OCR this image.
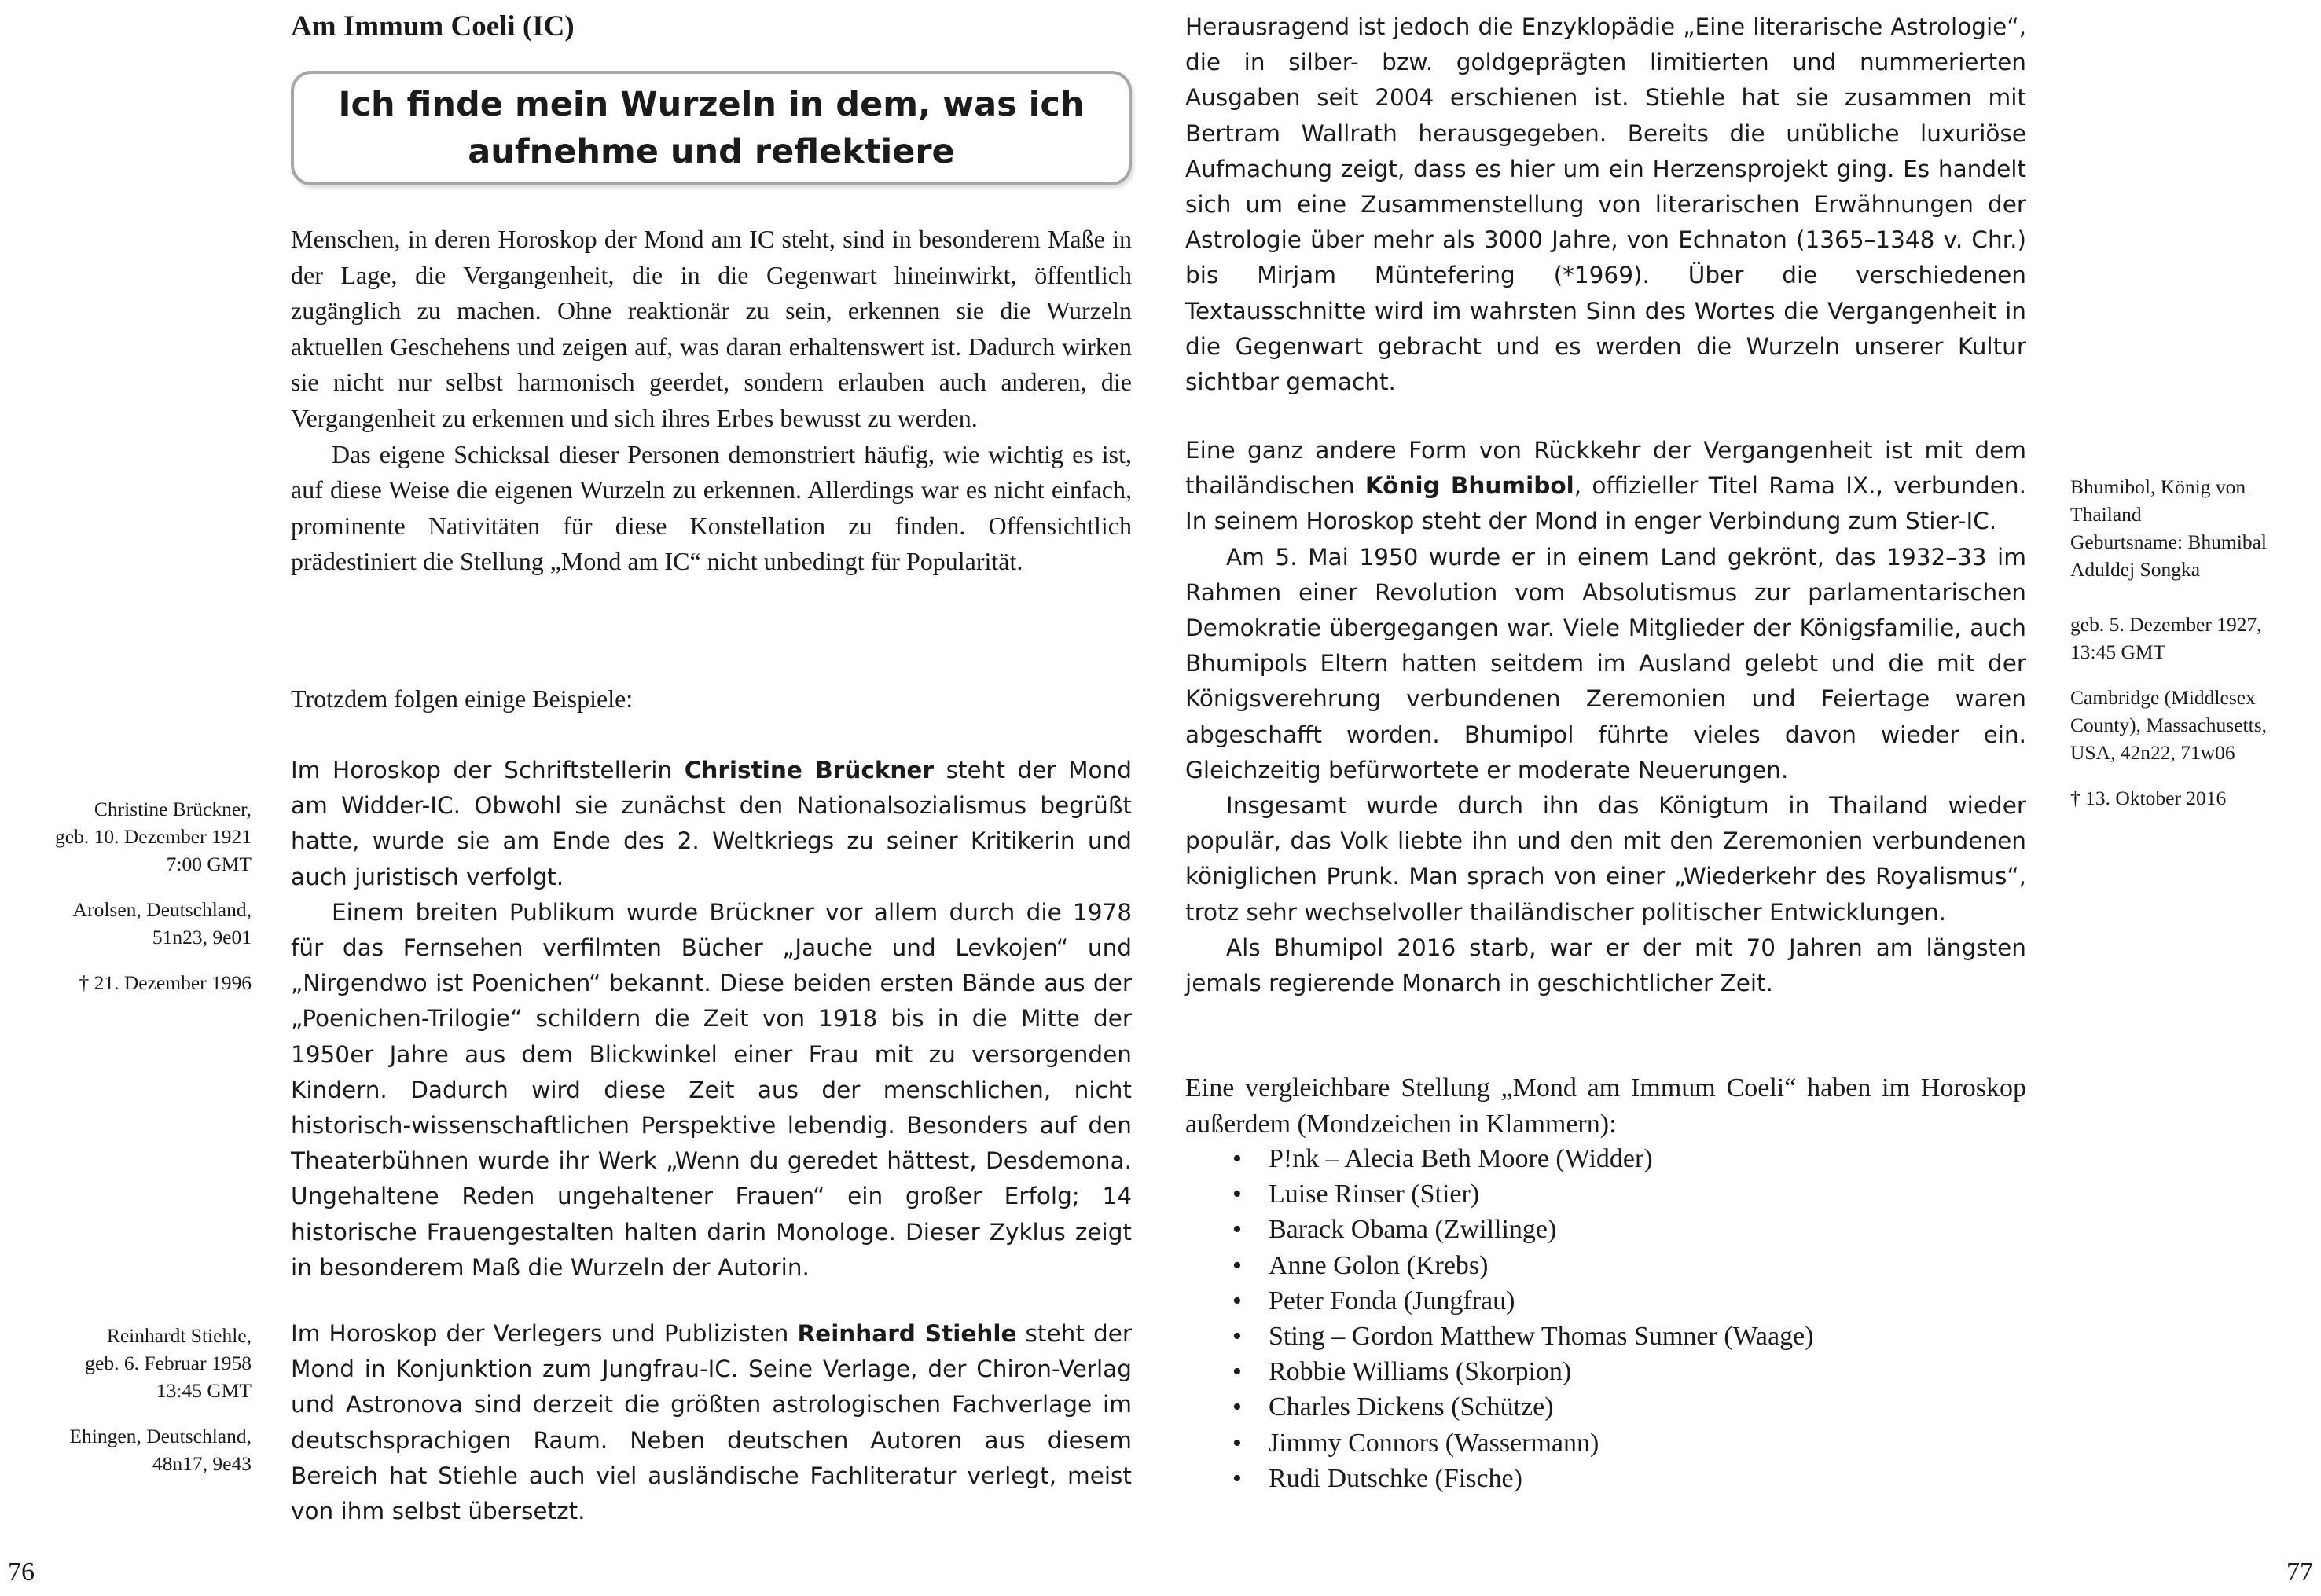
Am Immum Coeli (IC)
Ich finde mein Wurzeln in dem, was ich
aufnehme und reflektiere

Menschen, in deren Horoskop der Mond am IC steht, sind in besonderem Maße in der Lage, die Vergangenheit, die in die Gegenwart hineinwirkt, öffentlich zugänglich zu machen. Ohne reaktionär zu sein, erkennen sie die Wurzeln aktuellen Geschehens und zeigen auf, was daran erhaltenswert ist. Dadurch wirken sie nicht nur selbst harmonisch geerdet, sondern erlauben auch anderen, die Vergangenheit zu erkennen und sich ihres Erbes bewusst zu werden.

Das eigene Schicksal dieser Personen demonstriert häufig, wie wichtig es ist, auf diese Weise die eigenen Wurzeln zu erkennen. Allerdings war es nicht einfach, prominente Nativitäten für diese Konstellation zu finden. Offensichtlich prädestiniert die Stellung „Mond am IC“ nicht unbedingt für Popularität.

Trotzdem folgen einige Beispiele:

Im Horoskop der Schriftstellerin Christine Brückner steht der Mond am Widder-IC. Obwohl sie zunächst den Nationalsozialismus begrüßt hatte, wurde sie am Ende des 2. Weltkriegs zu seiner Kritikerin und auch juristisch verfolgt.

Einem breiten Publikum wurde Brückner vor allem durch die 1978 für das Fernsehen verfilmten Bücher „Jauche und Levkojen“ und „Nirgendwo ist Poenichen“ bekannt. Diese beiden ersten Bände aus der „Poenichen-Trilogie“ schildern die Zeit von 1918 bis in die Mitte der 1950er Jahre aus dem Blickwinkel einer Frau mit zu versorgenden Kindern. Dadurch wird diese Zeit aus der menschlichen, nicht historisch-wissenschaftlichen Perspektive lebendig. Besonders auf den Theaterbühnen wurde ihr Werk „Wenn du geredet hättest, Desdemona. Ungehaltene Reden ungehaltener Frauen“ ein großer Erfolg; 14 historische Frauengestalten halten darin Monologe. Dieser Zyklus zeigt in besonderem Maß die Wurzeln der Autorin.

Im Horoskop der Verlegers und Publizisten Reinhard Stiehle steht der Mond in Konjunktion zum Jungfrau-IC. Seine Verlage, der Chiron-Verlag und Astronova sind derzeit die größten astrologischen Fachverlage im deutschsprachigen Raum. Neben deutschen Autoren aus diesem Bereich hat Stiehle auch viel ausländische Fachliteratur verlegt, meist von ihm selbst übersetzt.

Christine Brückner,

geb. 10. Dezember 1921

7:00 GMT

Arolsen, Deutschland,

51n23, 9e01

† 21. Dezember 1996

Reinhardt Stiehle,

geb. 6. Februar 1958

13:45 GMT

Ehingen, Deutschland,

48n17, 9e43

76

Herausragend ist jedoch die Enzyklopädie „Eine literarische Astrologie“, die in silber- bzw. goldgeprägten limitierten und nummerierten Ausgaben seit 2004 erschienen ist. Stiehle hat sie zusammen mit Bertram Wallrath herausgegeben. Bereits die unübliche luxuriöse Aufmachung zeigt, dass es hier um ein Herzensprojekt ging. Es handelt sich um eine Zusammenstellung von literarischen Erwähnungen der Astrologie über mehr als 3000 Jahre, von Echnaton (1365–1348 v. Chr.) bis Mirjam Müntefering (*1969). Über die verschiedenen Textausschnitte wird im wahrsten Sinn des Wortes die Vergangenheit in die Gegenwart gebracht und es werden die Wurzeln unserer Kultur sichtbar gemacht.

Eine ganz andere Form von Rückkehr der Vergangenheit ist mit dem thailändischen König Bhumibol, offizieller Titel Rama IX., verbunden. In seinem Horoskop steht der Mond in enger Verbindung zum Stier-IC.

Am 5. Mai 1950 wurde er in einem Land gekrönt, das 1932–33 im Rahmen einer Revolution vom Absolutismus zur parlamentarischen Demokratie übergegangen war. Viele Mitglieder der Königsfamilie, auch Bhumipols Eltern hatten seitdem im Ausland gelebt und die mit der Königsverehrung verbundenen Zeremonien und Feiertage waren abgeschafft worden. Bhumipol führte vieles davon wieder ein. Gleichzeitig befürwortete er moderate Neuerungen.

Insgesamt wurde durch ihn das Königtum in Thailand wieder populär, das Volk liebte ihn und den mit den Zeremonien verbundenen königlichen Prunk. Man sprach von einer „Wiederkehr des Royalismus“, trotz sehr wechselvoller thailändischer politischer Entwicklungen.

Als Bhumipol 2016 starb, war er der mit 70 Jahren am längsten jemals regierende Monarch in geschichtlicher Zeit.

Eine vergleichbare Stellung „Mond am Immum Coeli“ haben im Horoskop außerdem (Mondzeichen in Klammern):

• P!nk – Alecia Beth Moore (Widder)
• Luise Rinser (Stier)
• Barack Obama (Zwillinge)
• Anne Golon (Krebs)
• Peter Fonda (Jungfrau)
• Sting – Gordon Matthew Thomas Sumner (Waage)
• Robbie Williams (Skorpion)
• Charles Dickens (Schütze)
• Jimmy Connors (Wassermann)
• Rudi Dutschke (Fische)

Bhumibol, König von

Thailand

Geburtsname: Bhumibal

Aduldej Songka

geb. 5. Dezember 1927,

13:45 GMT

Cambridge (Middlesex

County), Massachusetts,

USA, 42n22, 71w06

† 13. Oktober 2016

77
